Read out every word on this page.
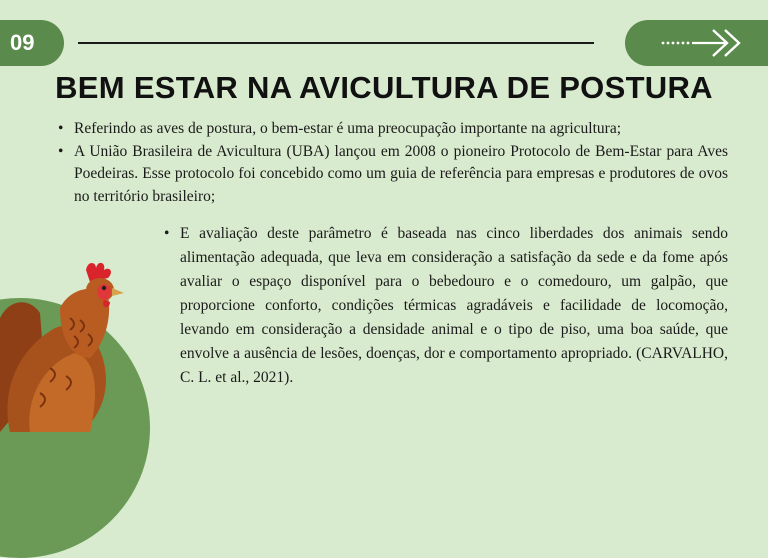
09
BEM ESTAR NA AVICULTURA DE POSTURA
• Referindo as aves de postura, o bem-estar é uma preocupação importante na agricultura;
• A União Brasileira de Avicultura (UBA) lançou em 2008 o pioneiro Protocolo de Bem-Estar para Aves Poedeiras. Esse protocolo foi concebido como um guia de referência para empresas e produtores de ovos no território brasileiro;
• E avaliação deste parâmetro é baseada nas cinco liberdades dos animais sendo alimentação adequada, que leva em consideração a satisfação da sede e da fome após avaliar o espaço disponível para o bebedouro e o comedouro, um galpão, que proporcione conforto, condições térmicas agradáveis e facilidade de locomoção, levando em consideração a densidade animal e o tipo de piso, uma boa saúde, que envolve a ausência de lesões, doenças, dor e comportamento apropriado. (CARVALHO, C. L. et al., 2021).
